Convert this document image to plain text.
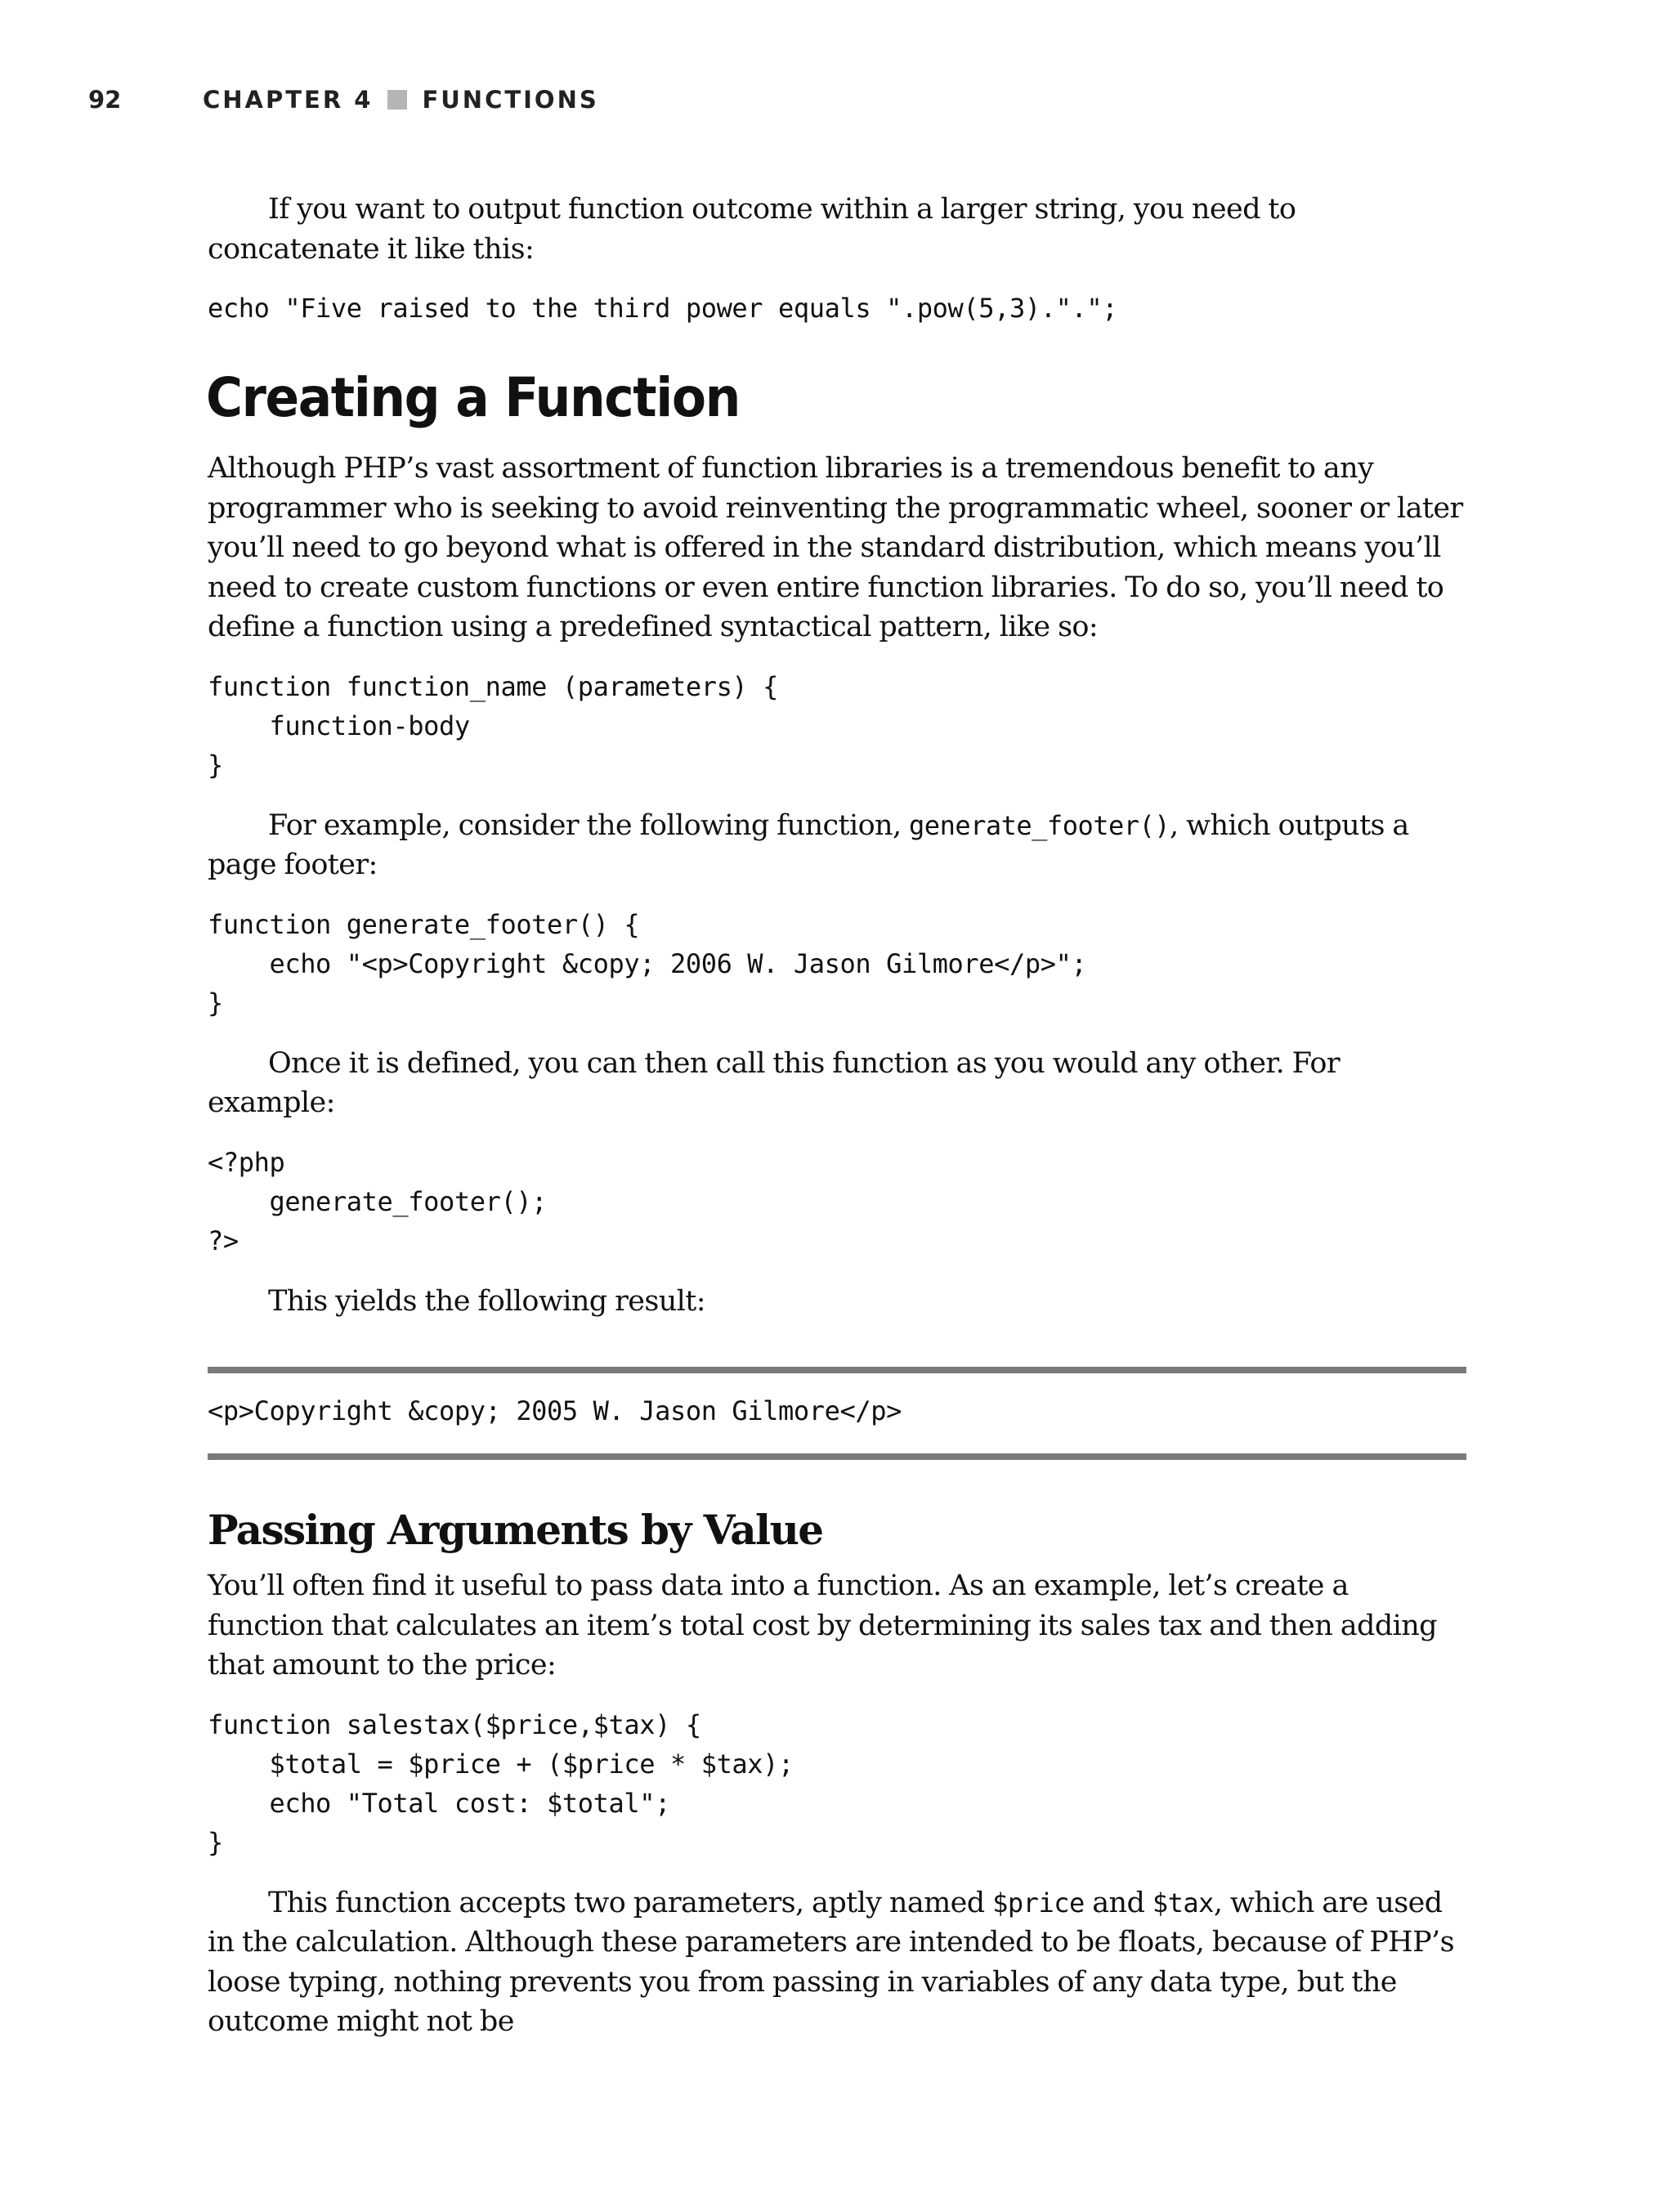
92	CHAPTER 4 FUNCTIONS

If you want to output function outcome within a larger string, you need to concatenate it like this:

echo "Five raised to the third power equals ".pow(5,3).".";
Creating a Function

Although PHP’s vast assortment of function libraries is a tremendous benefit to any programmer who is seeking to avoid reinventing the programmatic wheel, sooner or later you’ll need to go beyond what is offered in the standard distribution, which means you’ll need to create custom functions or even entire function libraries. To do so, you’ll need to define a function using a predefined syntactical pattern, like so:

function function_name (parameters) {
function-body
}

For example, consider the following function, generate_footer(), which outputs a page footer:

function generate_footer() {
echo "<p>Copyright &copy; 2006 W. Jason Gilmore</p>";
}

Once it is defined, you can then call this function as you would any other. For example:

<?php
generate_footer();
?>

This yields the following result:

<p>Copyright &copy; 2005 W. Jason Gilmore</p>
Passing Arguments by Value

You’ll often find it useful to pass data into a function. As an example, let’s create a function that calculates an item’s total cost by determining its sales tax and then adding that amount to the price:

function salestax($price,$tax) {
$total = $price + ($price * $tax);
echo "Total cost: $total";
}

This function accepts two parameters, aptly named $price and $tax, which are used in the calculation. Although these parameters are intended to be floats, because of PHP’s loose typing, nothing prevents you from passing in variables of any data type, but the outcome might not be
